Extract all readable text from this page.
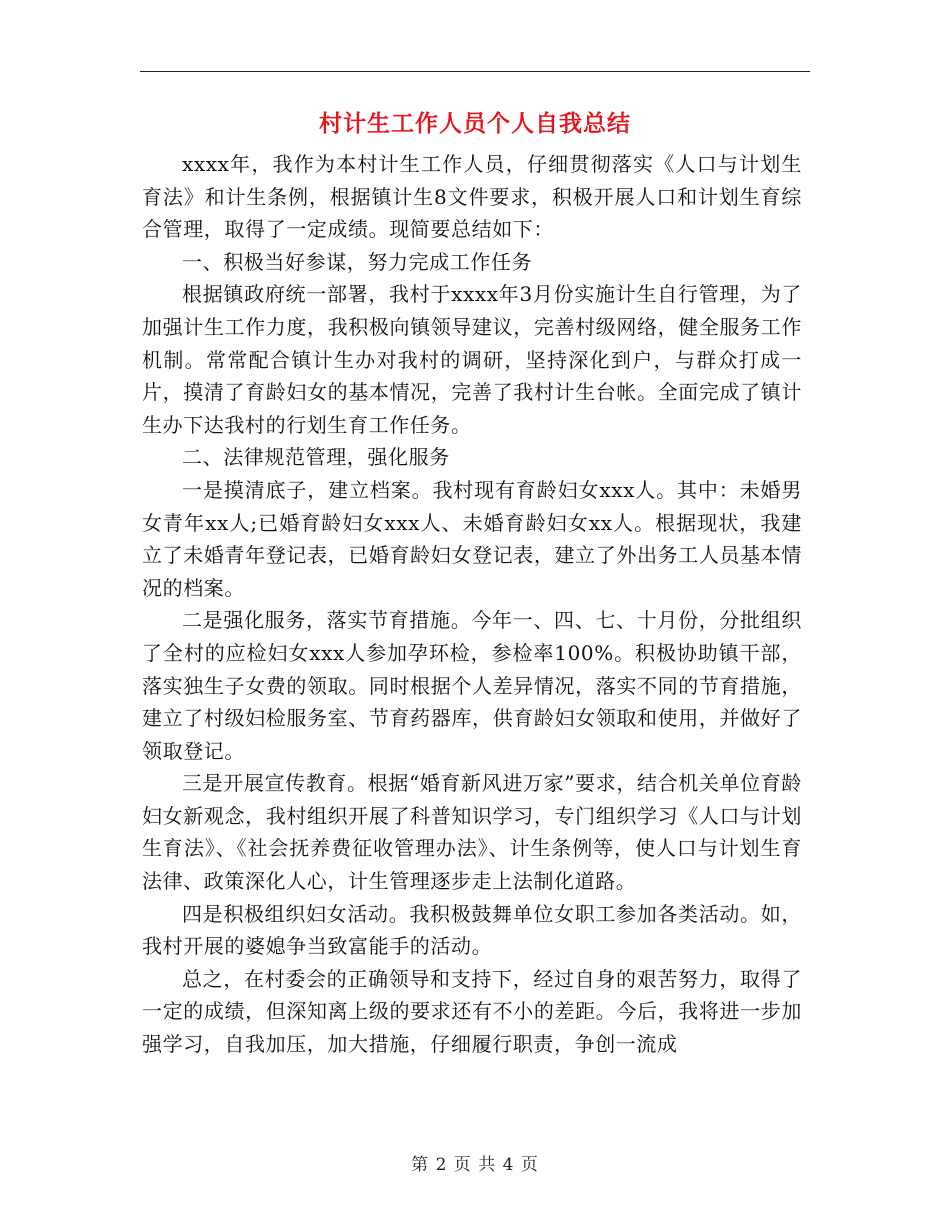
村计生工作人员个人自我总结

xxxx年，我作为本村计生工作人员，仔细贯彻落实《人口与计划生育法》和计生条例，根据镇计生8文件要求，积极开展人口和计划生育综合管理，取得了一定成绩。现简要总结如下：

一、积极当好参谋，努力完成工作任务

根据镇政府统一部署，我村于xxxx年3月份实施计生自行管理，为了加强计生工作力度，我积极向镇领导建议，完善村级网络，健全服务工作机制。常常配合镇计生办对我村的调研，坚持深化到户，与群众打成一片，摸清了育龄妇女的基本情况，完善了我村计生台帐。全面完成了镇计生办下达我村的行划生育工作任务。

二、法律规范管理，强化服务

一是摸清底子，建立档案。我村现有育龄妇女xxx人。其中：未婚男女青年xx人;已婚育龄妇女xxx人、未婚育龄妇女xx人。根据现状，我建立了未婚青年登记表，已婚育龄妇女登记表，建立了外出务工人员基本情况的档案。

二是强化服务，落实节育措施。今年一、四、七、十月份，分批组织了全村的应检妇女xxx人参加孕环检，参检率100%。积极协助镇干部，落实独生子女费的领取。同时根据个人差异情况，落实不同的节育措施，建立了村级妇检服务室、节育药器库，供育龄妇女领取和使用，并做好了领取登记。

三是开展宣传教育。根据“婚育新风进万家”要求，结合机关单位育龄妇女新观念，我村组织开展了科普知识学习，专门组织学习《人口与计划生育法》、《社会抚养费征收管理办法》、计生条例等，使人口与计划生育法律、政策深化人心，计生管理逐步走上法制化道路。

四是积极组织妇女活动。我积极鼓舞单位女职工参加各类活动。如，我村开展的婆媳争当致富能手的活动。

总之，在村委会的正确领导和支持下，经过自身的艰苦努力，取得了一定的成绩，但深知离上级的要求还有不小的差距。今后，我将进一步加强学习，自我加压，加大措施，仔细履行职责，争创一流成

第 2 页 共 4 页
